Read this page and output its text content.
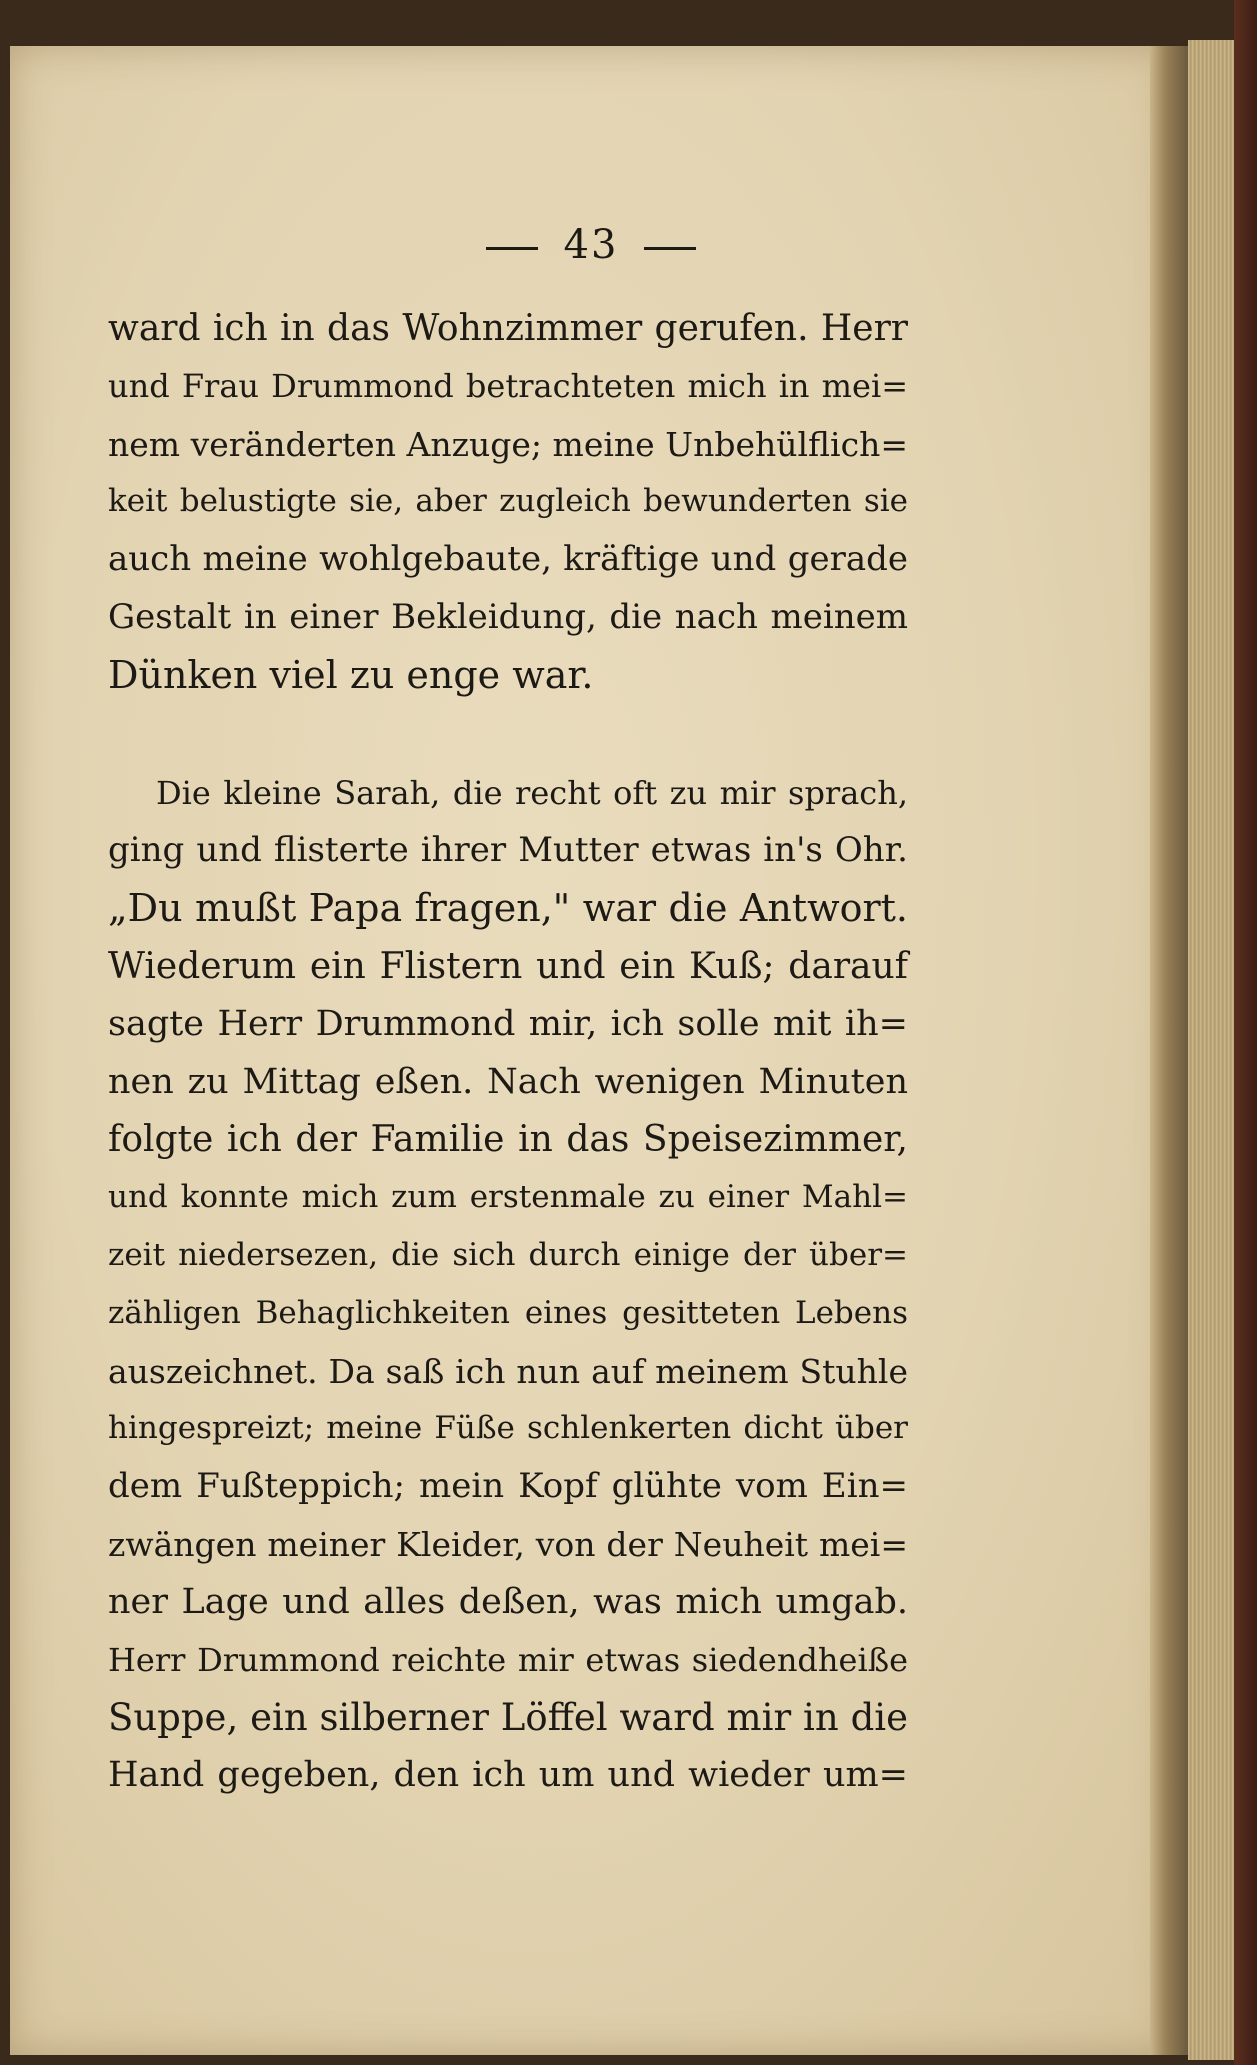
43
ward ich in das Wohnzimmer gerufen. Herr
und Frau Drummond betrachteten mich in mei=
nem veränderten Anzuge; meine Unbehülflich=
keit belustigte sie, aber zugleich bewunderten sie
auch meine wohlgebaute, kräftige und gerade
Gestalt in einer Bekleidung, die nach meinem
Dünken viel zu enge war.
Die kleine Sarah, die recht oft zu mir sprach,
ging und flisterte ihrer Mutter etwas in's Ohr.
„Du mußt Papa fragen," war die Antwort.
Wiederum ein Flistern und ein Kuß; darauf
sagte Herr Drummond mir, ich solle mit ih=
nen zu Mittag eßen. Nach wenigen Minuten
folgte ich der Familie in das Speisezimmer,
und konnte mich zum erstenmale zu einer Mahl=
zeit niedersezen, die sich durch einige der über=
zähligen Behaglichkeiten eines gesitteten Lebens
auszeichnet. Da saß ich nun auf meinem Stuhle
hingespreizt; meine Füße schlenkerten dicht über
dem Fußteppich; mein Kopf glühte vom Ein=
zwängen meiner Kleider, von der Neuheit mei=
ner Lage und alles deßen, was mich umgab.
Herr Drummond reichte mir etwas siedendheiße
Suppe, ein silberner Löffel ward mir in die
Hand gegeben, den ich um und wieder um=
